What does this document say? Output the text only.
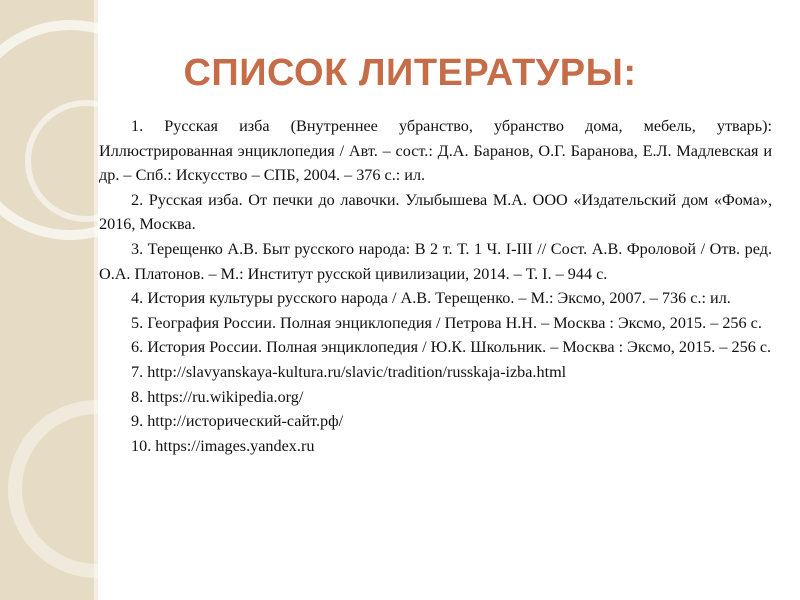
СПИСОК ЛИТЕРАТУРЫ:

1. Русская изба (Внутреннее убранство, убранство дома, мебель, утварь): Иллюстрированная энциклопедия / Авт. – сост.: Д.А. Баранов, О.Г. Баранова, Е.Л. Мадлевская и др. – Спб.: Искусство – СПБ, 2004. – 376 с.: ил.

2. Русская изба. От печки до лавочки. Улыбышева М.А. ООО «Издательский дом «Фома», 2016, Москва.

3. Терещенко А.В. Быт русского народа: В 2 т. Т. 1 Ч. I-III // Сост. А.В. Фроловой / Отв. ред. О.А. Платонов. – М.: Институт русской цивилизации, 2014. – Т. I. – 944 с.

4. История культуры русского народа / А.В. Терещенко. – М.: Эксмо, 2007. – 736 с.: ил.

5. География России. Полная энциклопедия / Петрова Н.Н. – Москва : Эксмо, 2015. – 256 с.

6. История России. Полная энциклопедия / Ю.К. Школьник. – Москва : Эксмо, 2015. – 256 с.

7. http://slavyanskaya-kultura.ru/slavic/tradition/russkaja-izba.html

8. https://ru.wikipedia.org/

9. http://исторический-сайт.рф/

10. https://images.yandex.ru
